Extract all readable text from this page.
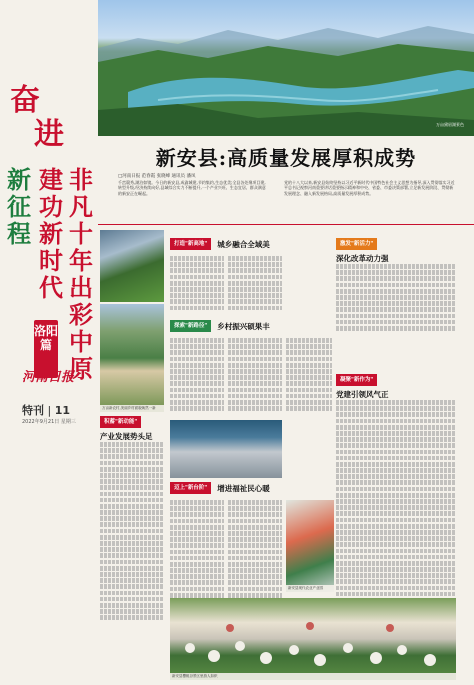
奋
进
新征程
建功新时代
非凡十年 出彩中原
洛阳篇
河南日报
特刊 | 11
2022年9月21日 星期三
万亩黛眉湖景色
新安县:高质量发展厚积成势
□河南日报 范春霞 张晓峰 通讯员 潘凤
千峦競秀,湖泊如镜。今日的新安县,成渝城建,节约集约,生态优美;全县各处聚项目建,转型升级,经济持续向好,县域综合实力不断提升,一个产业兴旺、生态宜居、群众满意的新安正在崛起。
党的十八大以来,新安县始终坚持以习近平新时代中国特色社会主义思想为指导,深入贯彻落实习近平总书记视察河南重要讲话重要指示精神和中央、省委、市委决策部署,立足新发展阶段、贯彻新发展理念、融入新发展格局,高质量发展厚积成势。
万亩新农村,美丽乡村面貌焕然一新
打造"新高地"	城乡融合全域美	激发"新活力"
深化改革动力强
探索"新路径"	乡村振兴硕果丰
凝聚"新作为"
党建引领风气正
积蓄"新动能"
产业发展势头足
迈上"新台阶"	增进福祉民心暖
新安县现代农业产业园
新安县樱桃谷景区里游人如织
